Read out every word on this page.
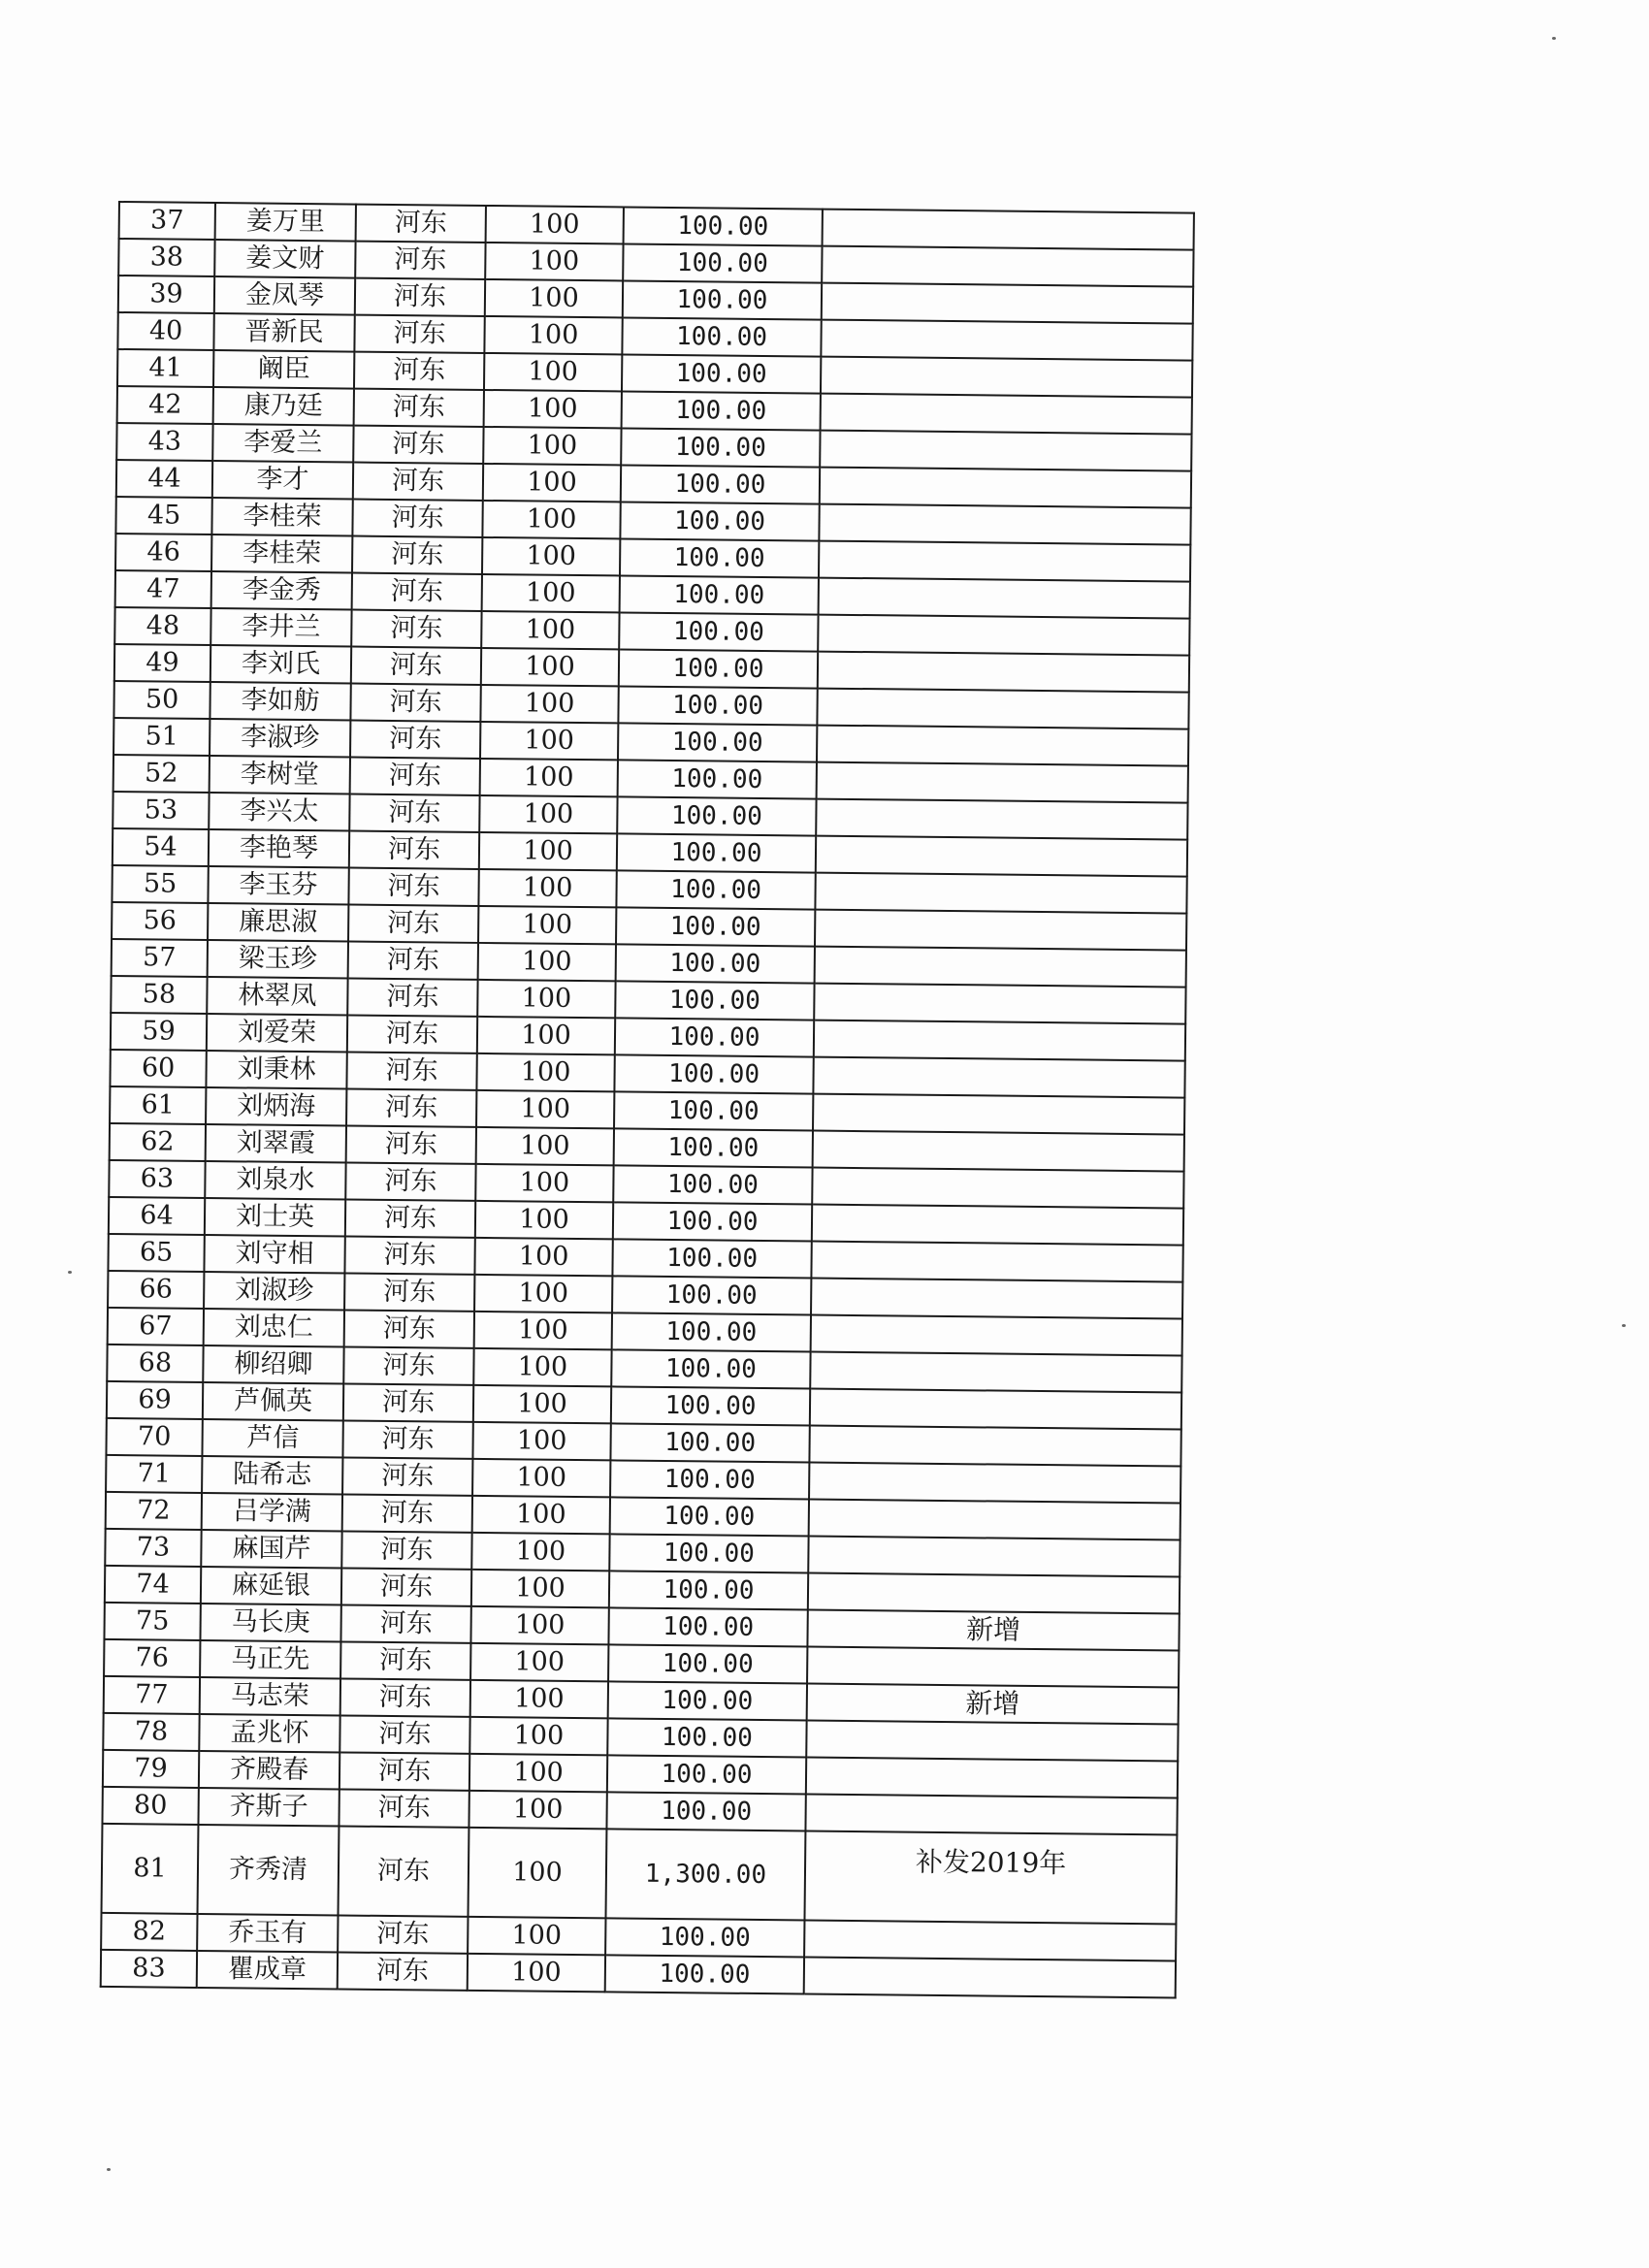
37	姜万里	河东	100	100.00	
38	姜文财	河东	100	100.00	
39	金凤琴	河东	100	100.00	
40	晋新民	河东	100	100.00	
41	阚臣	河东	100	100.00	
42	康乃廷	河东	100	100.00	
43	李爱兰	河东	100	100.00	
44	李才	河东	100	100.00	
45	李桂荣	河东	100	100.00	
46	李桂荣	河东	100	100.00	
47	李金秀	河东	100	100.00	
48	李井兰	河东	100	100.00	
49	李刘氏	河东	100	100.00	
50	李如舫	河东	100	100.00	
51	李淑珍	河东	100	100.00	
52	李树堂	河东	100	100.00	
53	李兴太	河东	100	100.00	
54	李艳琴	河东	100	100.00	
55	李玉芬	河东	100	100.00	
56	廉思淑	河东	100	100.00	
57	梁玉珍	河东	100	100.00	
58	林翠凤	河东	100	100.00	
59	刘爱荣	河东	100	100.00	
60	刘秉林	河东	100	100.00	
61	刘炳海	河东	100	100.00	
62	刘翠霞	河东	100	100.00	
63	刘泉水	河东	100	100.00	
64	刘士英	河东	100	100.00	
65	刘守相	河东	100	100.00	
66	刘淑珍	河东	100	100.00	
67	刘忠仁	河东	100	100.00	
68	柳绍卿	河东	100	100.00	
69	芦佩英	河东	100	100.00	
70	芦信	河东	100	100.00	
71	陆希志	河东	100	100.00	
72	吕学满	河东	100	100.00	
73	麻国芹	河东	100	100.00	
74	麻延银	河东	100	100.00	
75	马长庚	河东	100	100.00	新增
76	马正先	河东	100	100.00	
77	马志荣	河东	100	100.00	新增
78	孟兆怀	河东	100	100.00	
79	齐殿春	河东	100	100.00	
80	齐斯子	河东	100	100.00	
81	齐秀清	河东	100	1,300.00	补发2019年
82	乔玉有	河东	100	100.00	
83	瞿成章	河东	100	100.00	
